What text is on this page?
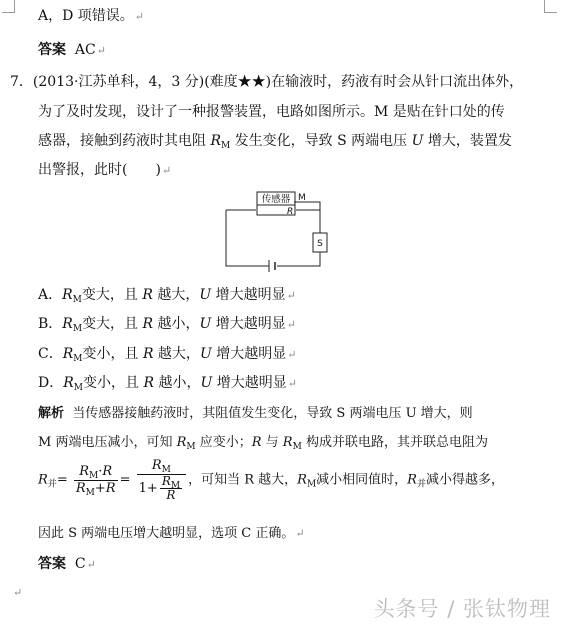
A，D 项错误。↵
答案 AC↵
7．(2013·江苏单科，4，3 分)(难度★★)在输液时，药液有时会从针口流出体外，
为了及时发现，设计了一种报警装置，电路如图所示。M 是贴在针口处的传
感器，接触到药液时其电阻 $R_M$ 发生变化，导致 S 两端电压 U 增大，装置发
出警报，此时(　　)↵
传感器 M
R
S
A．$R_M$变大，且 R 越大，U 增大越明显↵
B．$R_M$变大，且 R 越小，U 增大越明显↵
C．$R_M$变小，且 R 越大，U 增大越明显↵
D．$R_M$变小，且 R 越小，U 增大越明显↵
解析 当传感器接触药液时，其阻值发生变化，导致 S 两端电压 U 增大，则
M 两端电压减小，可知 $R_M$ 应变小；R 与 $R_M$ 构成并联电路，其并联总电阻为
$R_并= \frac{R_M\cdot R}{R_M+R} = \frac{R_M}{1+ \frac{R_M}{R}}$ ，可知当 R 越大，$R_M$减小相同值时，$R_并$减小得越多，
因此 S 两端电压增大越明显，选项 C 正确。↵
答案 C↵
↵
头条号 / 张钛物理
